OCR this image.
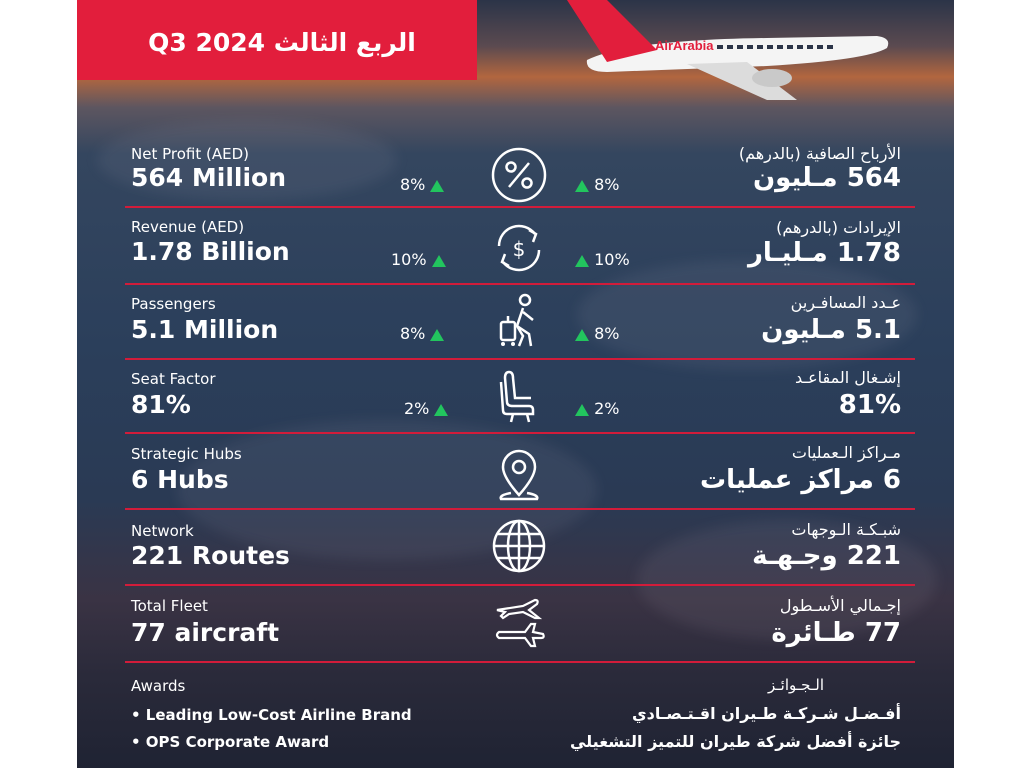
الربع الثالث 2024 Q3	AirArabia
Net Profit (AED)
564 Million	8%	8%
الأرباح الصافية (بالدرهم)
564 مـليون
Revenue (AED)
1.78 Billion	10%	$	10%
الإيرادات (بالدرهم)
1.78 مـليـار
Passengers
5.1 Million	8%	8%
عـدد المسافـرين
5.1 مـليون
Seat Factor
81%	2%	2%
إشـغال المقاعـد
81%
Strategic Hubs
6 Hubs
مـراكز الـعمليات
6 مراكز عمليات
Network
221 Routes
شبـكـة الـوجهات
221 وجـهـة
Total Fleet
77 aircraft
إجـمالي الأسـطول
77 طـائرة
Awards
• Leading Low-Cost Airline Brand
• OPS Corporate Award
الـجـوائـز
أفـضـل شـركـة طـيران اقـتـصـادي
جائزة أفضل شركة طيران للتميز التشغيلي
